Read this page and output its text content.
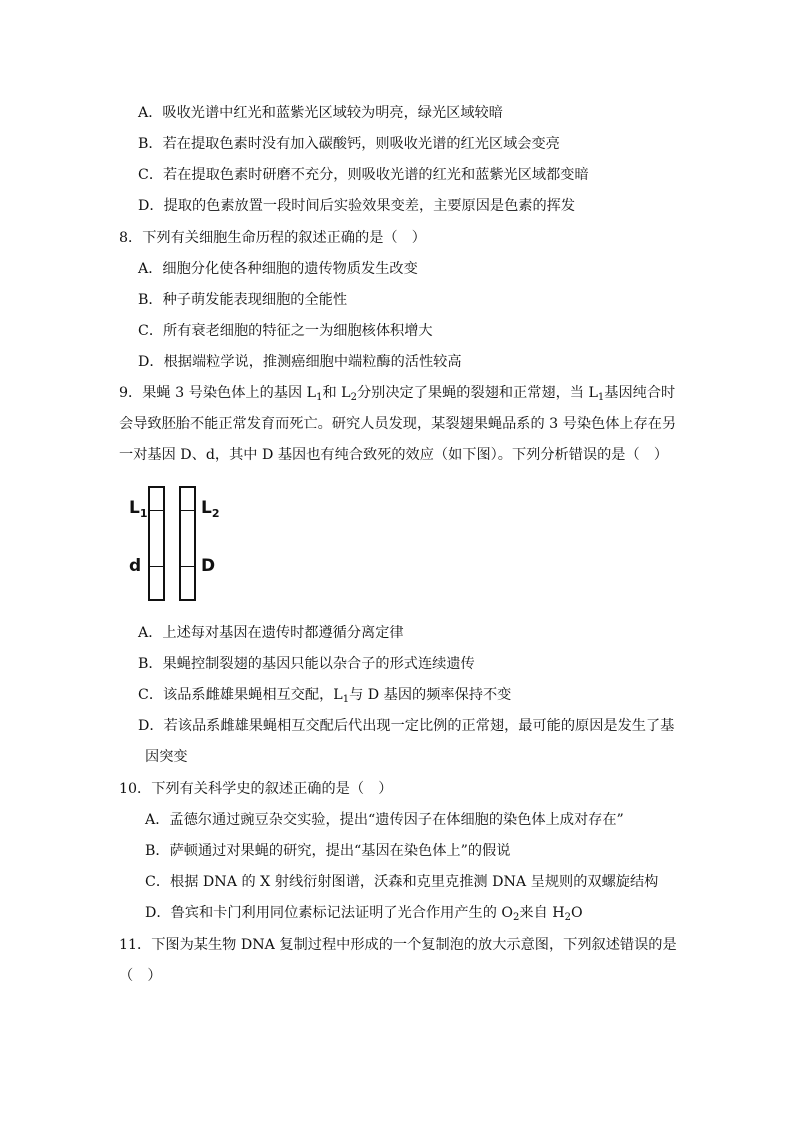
A．吸收光谱中红光和蓝紫光区域较为明亮，绿光区域较暗
B．若在提取色素时没有加入碳酸钙，则吸收光谱的红光区域会变亮
C．若在提取色素时研磨不充分，则吸收光谱的红光和蓝紫光区域都变暗
D．提取的色素放置一段时间后实验效果变差，主要原因是色素的挥发
8．下列有关细胞生命历程的叙述正确的是（　）
A．细胞分化使各种细胞的遗传物质发生改变
B．种子萌发能表现细胞的全能性
C．所有衰老细胞的特征之一为细胞核体积增大
D．根据端粒学说，推测癌细胞中端粒酶的活性较高
9．果蝇 3 号染色体上的基因 $L_1$和 $L_2$分别决定了果蝇的裂翅和正常翅，当 $L_1$基因纯合时
会导致胚胎不能正常发育而死亡。研究人员发现，某裂翅果蝇品系的 3 号染色体上存在另
一对基因 D、d，其中 D 基因也有纯合致死的效应（如下图）。下列分析错误的是（　）
$L_1$	$L_2$
d	D
A．上述每对基因在遗传时都遵循分离定律
B．果蝇控制裂翅的基因只能以杂合子的形式连续遗传
C．该品系雌雄果蝇相互交配，$L_1$与 D 基因的频率保持不变
D．若该品系雌雄果蝇相互交配后代出现一定比例的正常翅，最可能的原因是发生了基
因突变
10．下列有关科学史的叙述正确的是（　）
A．孟德尔通过豌豆杂交实验，提出“遗传因子在体细胞的染色体上成对存在”
B．萨顿通过对果蝇的研究，提出“基因在染色体上”的假说
C．根据 DNA 的 X 射线衍射图谱，沃森和克里克推测 DNA 呈规则的双螺旋结构
D．鲁宾和卡门利用同位素标记法证明了光合作用产生的 $O_2$来自 $H_2O$
11．下图为某生物 DNA 复制过程中形成的一个复制泡的放大示意图，下列叙述错误的是
（　）
